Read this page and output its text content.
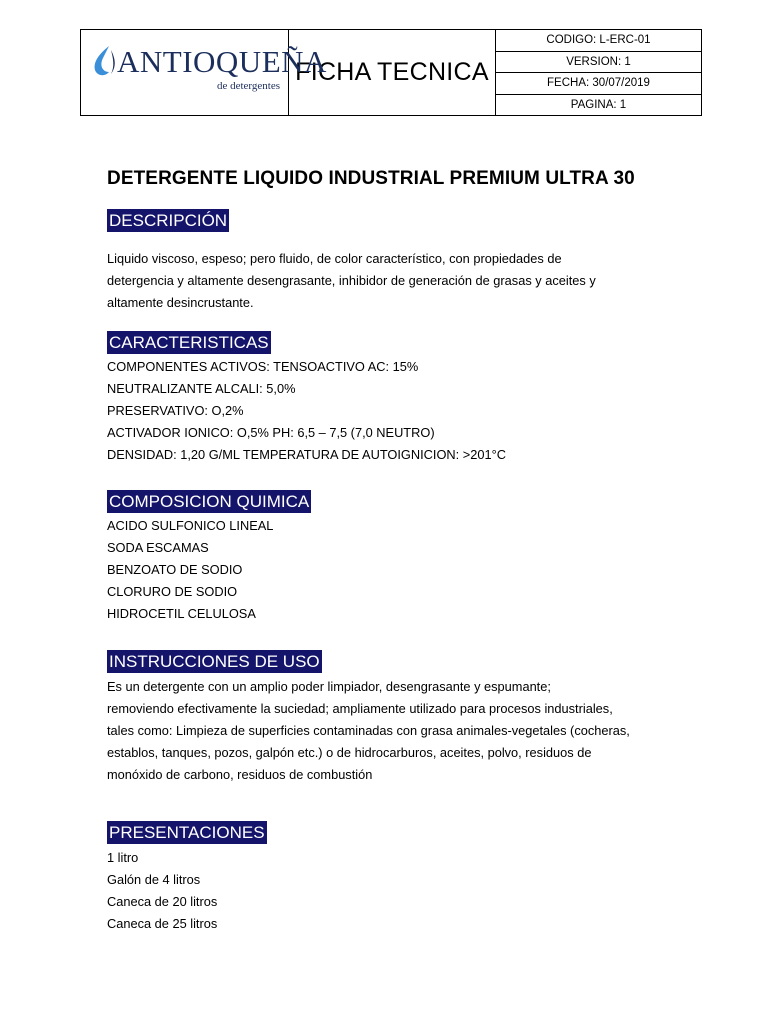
ANTIOQUEÑA
de detergentes FICHA TECNICA
CODIGO: L-ERC-01
VERSION: 1
FECHA: 30/07/2019
PAGINA: 1
DETERGENTE LIQUIDO INDUSTRIAL PREMIUM ULTRA 30
DESCRIPCIÓN
Liquido viscoso, espeso; pero fluido, de color característico, con propiedades de
detergencia y altamente desengrasante, inhibidor de generación de grasas y aceites y
altamente desincrustante.
CARACTERISTICAS
COMPONENTES ACTIVOS: TENSOACTIVO AC: 15%
NEUTRALIZANTE ALCALI: 5,0%
PRESERVATIVO: O,2%
ACTIVADOR IONICO: O,5% PH: 6,5 – 7,5 (7,0 NEUTRO)
DENSIDAD: 1,20 G/ML TEMPERATURA DE AUTOIGNICION: >201°C
COMPOSICION QUIMICA
ACIDO SULFONICO LINEAL
SODA ESCAMAS
BENZOATO DE SODIO
CLORURO DE SODIO
HIDROCETIL CELULOSA
INSTRUCCIONES DE USO
Es un detergente con un amplio poder limpiador, desengrasante y espumante;
removiendo efectivamente la suciedad; ampliamente utilizado para procesos industriales,
tales como: Limpieza de superficies contaminadas con grasa animales-vegetales (cocheras,
establos, tanques, pozos, galpón etc.) o de hidrocarburos, aceites, polvo, residuos de
monóxido de carbono, residuos de combustión
PRESENTACIONES
1 litro
Galón de 4 litros
Caneca de 20 litros
Caneca de 25 litros
